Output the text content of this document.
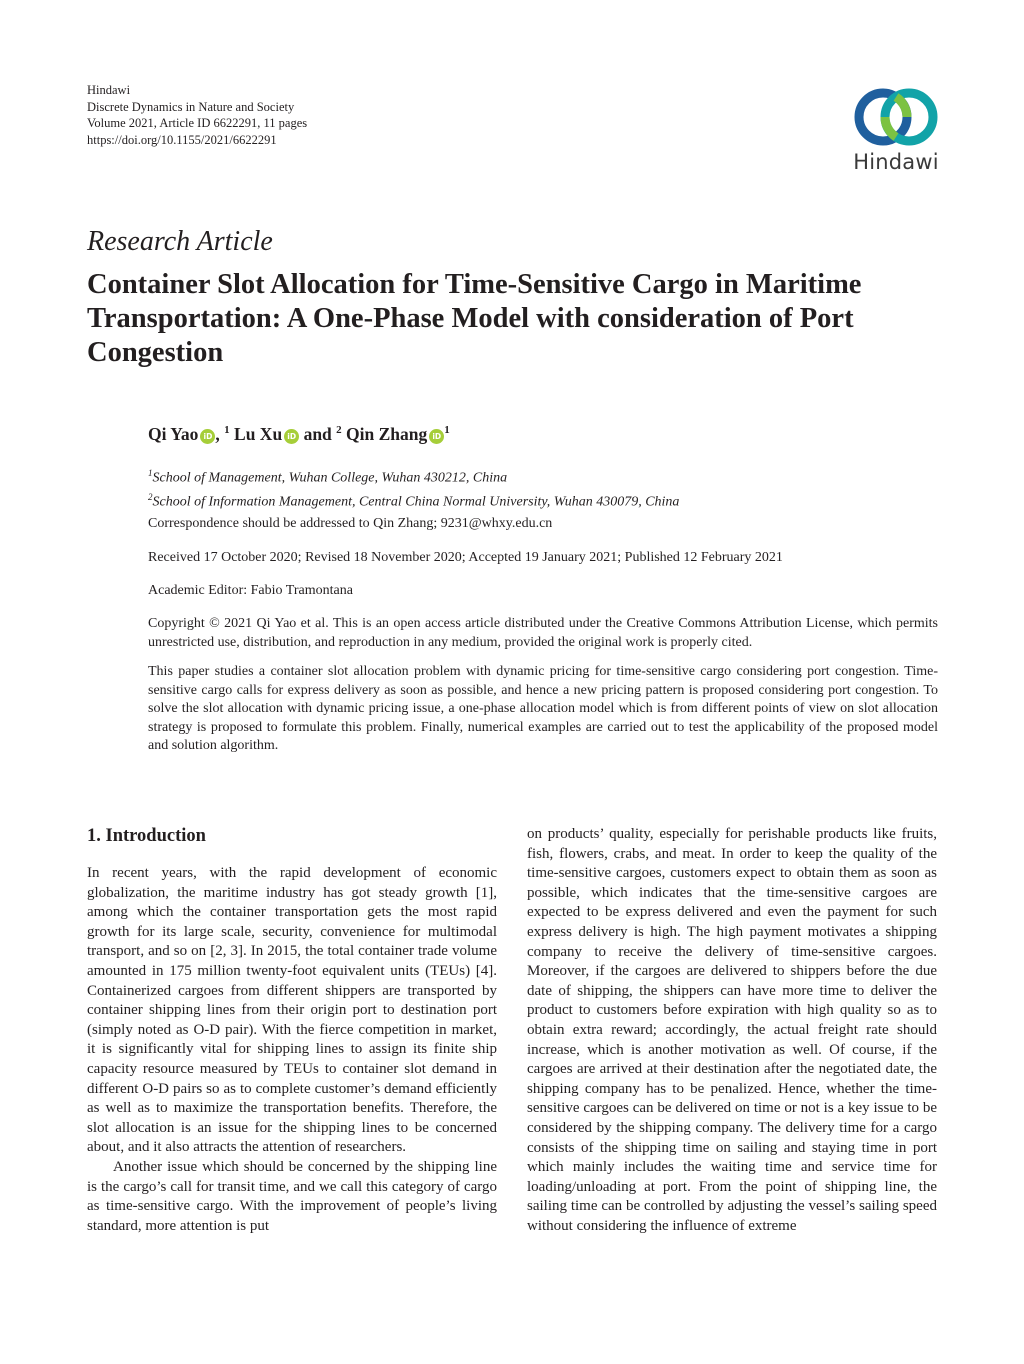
Hindawi
Discrete Dynamics in Nature and Society
Volume 2021, Article ID 6622291, 11 pages
https://doi.org/10.1155/2021/6622291
Hindawi
Research Article
Container Slot Allocation for Time-Sensitive Cargo in Maritime Transportation: A One-Phase Model with consideration of Port Congestion
Qi Yao iD , $^1$ Lu Xu iD and $^2$ Qin Zhang $iD^1$
$^1$School of Management, Wuhan College, Wuhan 430212, China
$^2$School of Information Management, Central China Normal University, Wuhan 430079, China
Correspondence should be addressed to Qin Zhang; 9231@whxy.edu.cn
Received 17 October 2020; Revised 18 November 2020; Accepted 19 January 2021; Published 12 February 2021
Academic Editor: Fabio Tramontana

Copyright © 2021 Qi Yao et al. This is an open access article distributed under the Creative Commons Attribution License, which permits unrestricted use, distribution, and reproduction in any medium, provided the original work is properly cited.

This paper studies a container slot allocation problem with dynamic pricing for time-sensitive cargo considering port congestion. Time-sensitive cargo calls for express delivery as soon as possible, and hence a new pricing pattern is proposed considering port congestion. To solve the slot allocation with dynamic pricing issue, a one-phase allocation model which is from different points of view on slot allocation strategy is proposed to formulate this problem. Finally, numerical examples are carried out to test the applicability of the proposed model and solution algorithm.

1. Introduction

In recent years, with the rapid development of economic globalization, the maritime industry has got steady growth [1], among which the container transportation gets the most rapid growth for its large scale, security, convenience for multimodal transport, and so on [2, 3]. In 2015, the total container trade volume amounted in 175 million twenty-foot equivalent units (TEUs) [4]. Containerized cargoes from different shippers are transported by container shipping lines from their origin port to destination port (simply noted as O-D pair). With the fierce competition in market, it is significantly vital for shipping lines to assign its finite ship capacity resource measured by TEUs to container slot demand in different O-D pairs so as to complete customer’s demand efficiently as well as to maximize the transportation benefits. Therefore, the slot allocation is an issue for the shipping lines to be concerned about, and it also attracts the attention of researchers.

Another issue which should be concerned by the shipping line is the cargo’s call for transit time, and we call this category of cargo as time-sensitive cargo. With the improvement of people’s living standard, more attention is put

on products’ quality, especially for perishable products like fruits, fish, flowers, crabs, and meat. In order to keep the quality of the time-sensitive cargoes, customers expect to obtain them as soon as possible, which indicates that the time-sensitive cargoes are expected to be express delivered and even the payment for such express delivery is high. The high payment motivates a shipping company to receive the delivery of time-sensitive cargoes. Moreover, if the cargoes are delivered to shippers before the due date of shipping, the shippers can have more time to deliver the product to customers before expiration with high quality so as to obtain extra reward; accordingly, the actual freight rate should increase, which is another motivation as well. Of course, if the cargoes are arrived at their destination after the negotiated date, the shipping company has to be penalized. Hence, whether the time-sensitive cargoes can be delivered on time or not is a key issue to be considered by the shipping company. The delivery time for a cargo consists of the shipping time on sailing and staying time in port which mainly includes the waiting time and service time for loading/unloading at port. From the point of shipping line, the sailing time can be controlled by adjusting the vessel’s sailing speed without considering the influence of extreme
